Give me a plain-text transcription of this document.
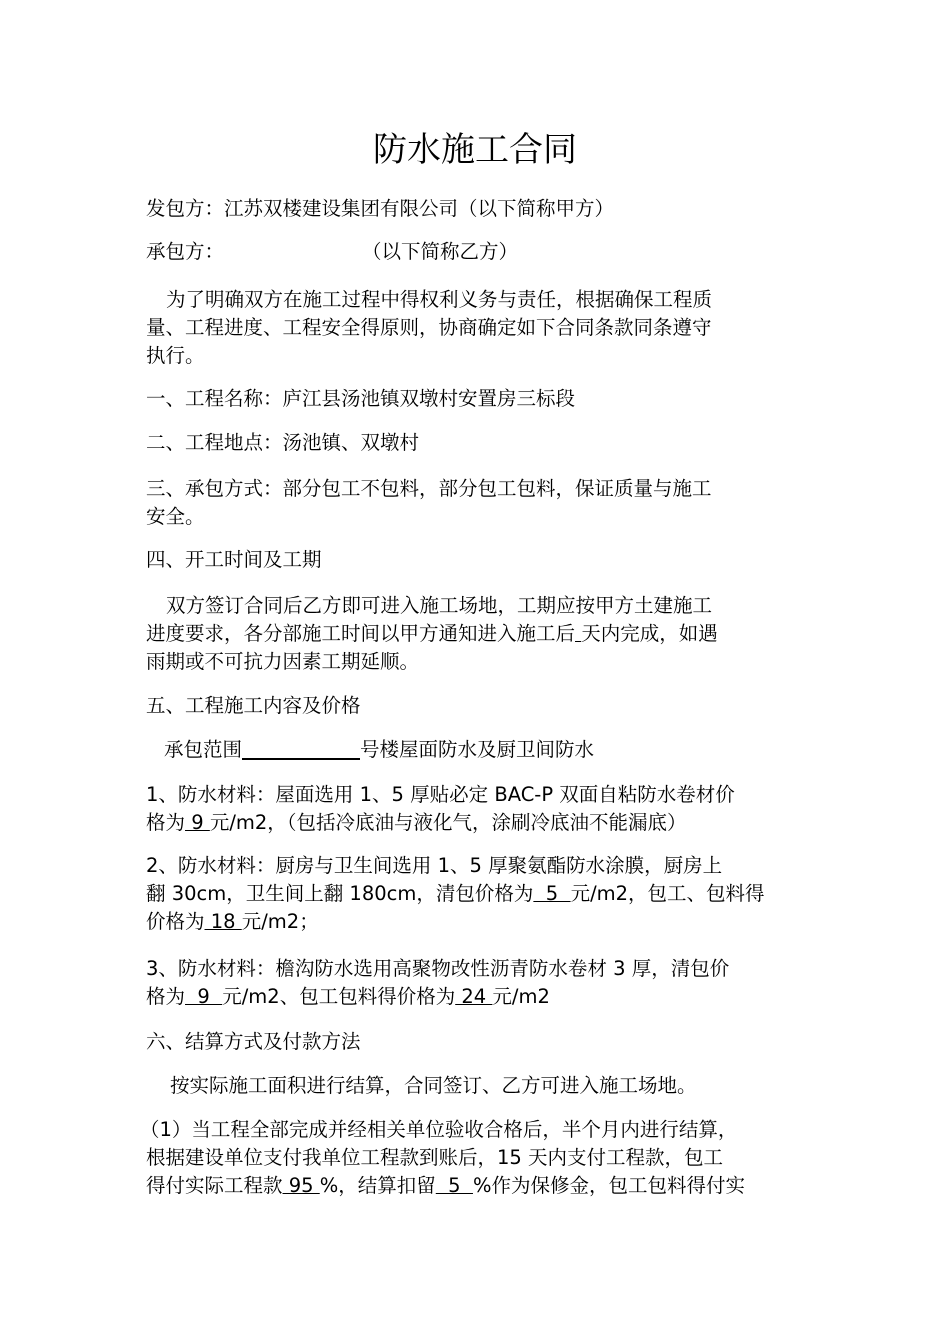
防水施工合同
发包方：江苏双楼建设集团有限公司（以下简称甲方）
承包方：	（以下简称乙方）
为了明确双方在施工过程中得权利义务与责任，根据确保工程质
量、工程进度、工程安全得原则，协商确定如下合同条款同条遵守
执行。
一、工程名称：庐江县汤池镇双墩村安置房三标段
二、工程地点：汤池镇、双墩村
三、承包方式：部分包工不包料，部分包工包料，保证质量与施工
安全。
四、开工时间及工期
双方签订合同后乙方即可进入施工场地，工期应按甲方土建施工
进度要求，各分部施工时间以甲方通知进入施工后 天内完成，如遇
雨期或不可抗力因素工期延顺。
五、工程施工内容及价格
承包范围	号楼屋面防水及厨卫间防水
1、防水材料：屋面选用 1、5 厚贴必定 BAC-P 双面自粘防水卷材价
格为 9 元/m2，（包括冷底油与液化气，涂刷冷底油不能漏底）
2、防水材料：厨房与卫生间选用 1、5 厚聚氨酯防水涂膜，厨房上
翻 30cm，卫生间上翻 180cm，清包价格为  5  元/m2，包工、包料得
价格为 18 元/m2；
3、防水材料：檐沟防水选用高聚物改性沥青防水卷材 3 厚，清包价
格为  9  元/m2、包工包料得价格为 24 元/m2
六、结算方式及付款方法
按实际施工面积进行结算，合同签订、乙方可进入施工场地。
（1）当工程全部完成并经相关单位验收合格后，半个月内进行结算，
根据建设单位支付我单位工程款到账后，15 天内支付工程款，包工
得付实际工程款 95 %，结算扣留  5  %作为保修金，包工包料得付实
